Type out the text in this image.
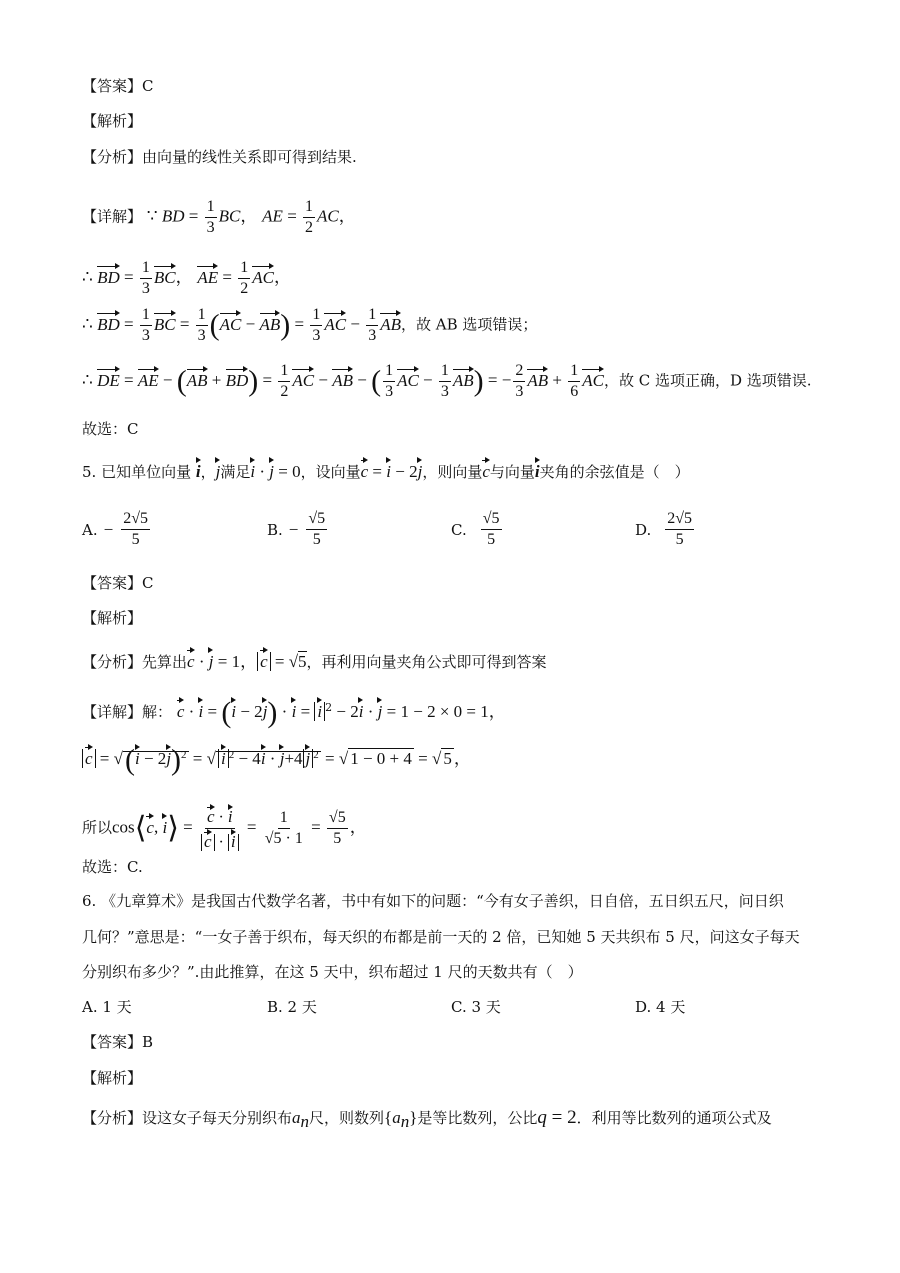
【答案】C
【解析】
【分析】由向量的线性关系即可得到结果.
【详解】 ∵ BD = $\frac{1}{3}$ BC， AE = $\frac{1}{2}$ AC，
∴ BD = $\frac{1}{3}$ BC， AE = $\frac{1}{2}$ AC，
∴ BD = $\frac{1}{3}$ BC = $\frac{1}{3} (AC - AB) = \frac{1}{3}$ AC − $\frac{1}{3}$ AB，故 AB 选项错误；
∴ DE = AE − $(AB + BD) = \frac{1}{2}$ AC − AB − ( $\frac{1}{3}$ AC − $\frac{1}{3} AB$) = − $\frac{2}{3}$ AB + $\frac{1}{6}$ AC，故 C 选项正确，D 选项错误.
故选：C
5. 已知单位向量 i，j满足i · j = 0，设向量c = i − 2j，则向量c与向量i夹角的余弦值是（　）
A. − $\frac{2√5}{5}$	B. − $\frac{√5}{5}$	C. $\frac{√5}{5}$	D. $\frac{2√5}{5}$
【答案】C
【解析】
【分析】先算出c · j = 1， c = √5，再利用向量夹角公式即可得到答案
【详解】解： c · i = (i − 2j) · i = i $^2$ − 2i · j = 1 − 2 × 0 = 1，
$c = √(i - 2j)^2$ = √ i $^2$ − 4i · j+4 j $^2$ = √ 1 − 0 + 4 = √ 5 ，
所以cos⟨c, i⟩ = $\frac{c \cdot i}{c \cdot i} = \frac{1}{√5 \cdot 1} = \frac{√5}{5}$ ，
故选：C.
6. 《九章算术》是我国古代数学名著，书中有如下的问题：“今有女子善织，日自倍，五日织五尺，问日织
几何？”意思是：“一女子善于织布，每天织的布都是前一天的 2 倍，已知她 5 天共织布 5 尺，问这女子每天
分别织布多少？”.由此推算，在这 5 天中，织布超过 1 尺的天数共有（　）
A. 1 天	B. 2 天	C. 3 天	D. 4 天
【答案】B
【解析】
【分析】设这女子每天分别织布$a_n$尺，则数列$\{a_n\}$是等比数列，公比q = 2．利用等比数列的通项公式及
